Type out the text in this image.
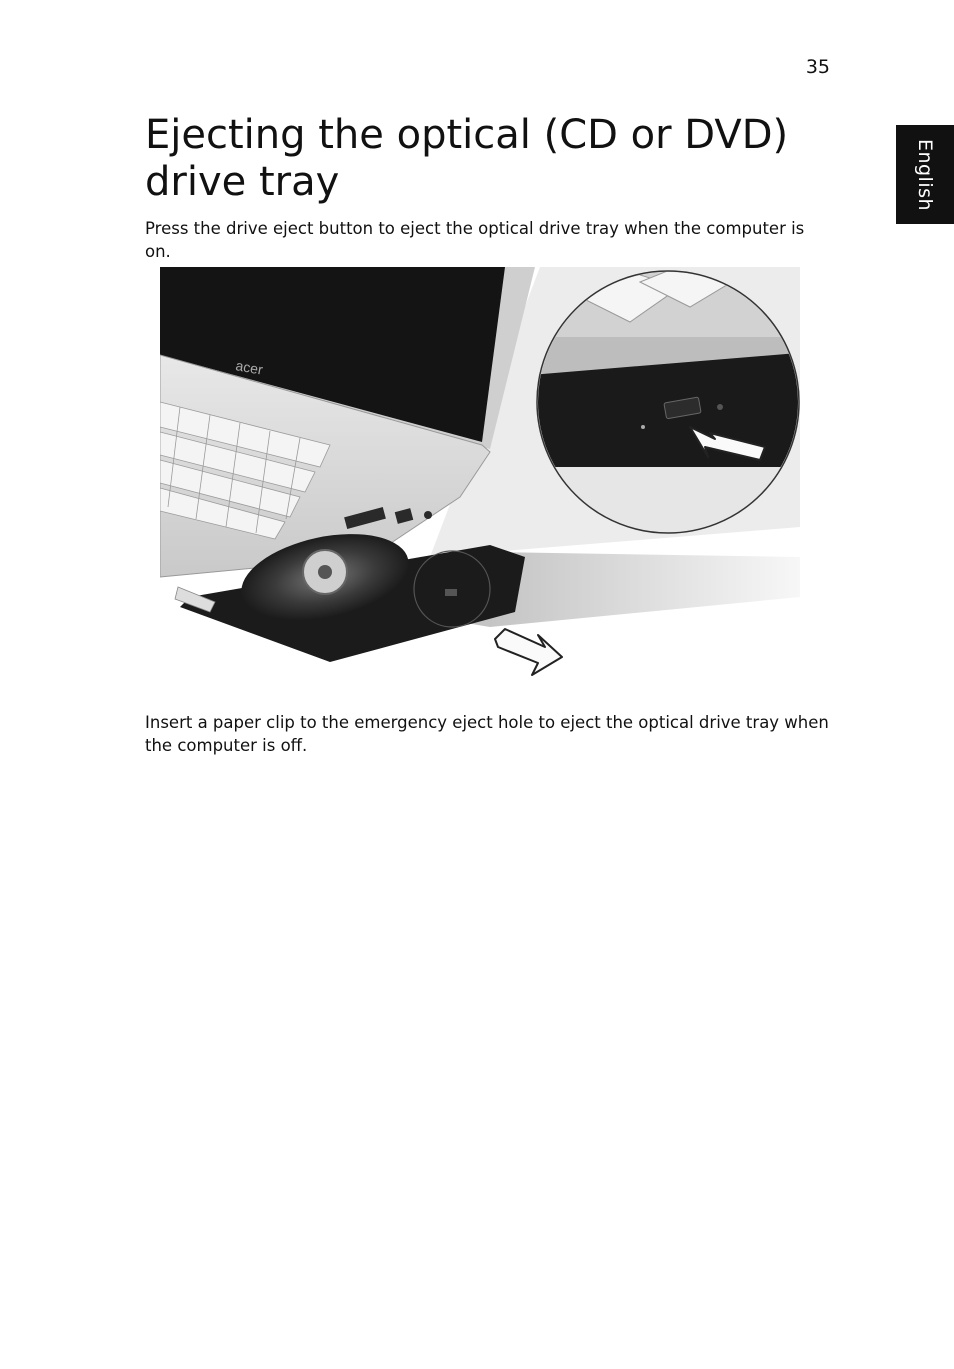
35
English
Ejecting the optical (CD or DVD) drive tray

Press the drive eject button to eject the optical drive tray when the computer is on.

acer

Insert a paper clip to the emergency eject hole to eject the optical drive tray when the computer is off.
